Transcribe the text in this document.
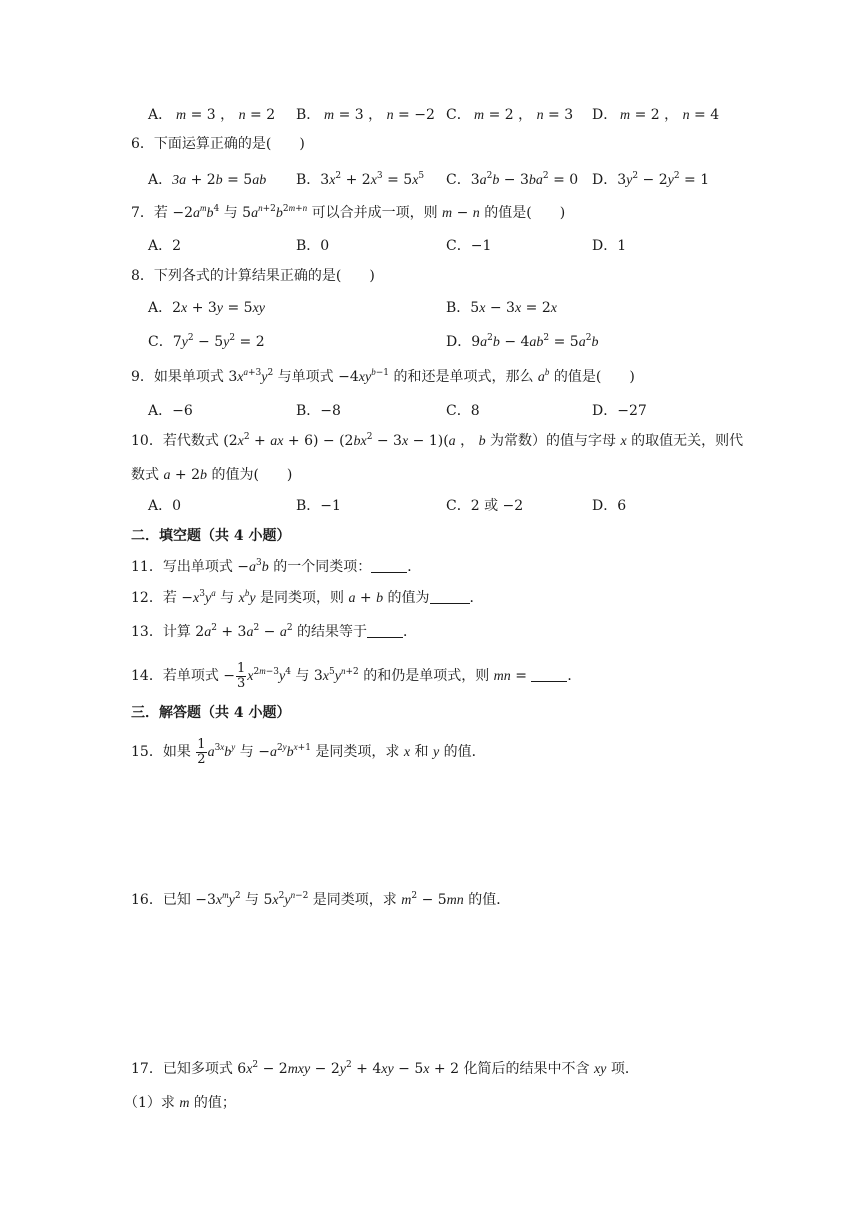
A． m = 3 ， n = 2 B． m = 3 ， n = −2 C． m = 2 ， n = 3 D． m = 2 ， n = 4
6．下面运算正确的是(　　)
A．3a + 2b = 5ab B．$3x^2 + 2x^3 = 5x^5$ C．$3a^2b - 3ba^2 = 0$ D．$3y^2 - 2y^2 = 1$
7．若 $-2a^mb^4$ 与 $5a^{n+2}b^{2m+n}$ 可以合并成一项，则 m − n 的值是(　　)
A．2	B．0	C．−1	D．1
8．下列各式的计算结果正确的是(　　)
A．2x + 3y = 5xy	B．5x − 3x = 2x
C．$7y^2 - 5y^2 = 2$	D．$9a^2b - 4ab^2 = 5a^2b$
9．如果单项式 $3x^{a+3}y^2$ 与单项式 $-4xy^{b-1}$ 的和还是单项式，那么 $a^b$ 的值是(　　)
A．−6	B．−8	C．8	D．−27
10．若代数式 ($2x^2$ + ax + $6) - (2bx^2 - 3x - 1)(a$ ， b 为常数）的值与字母 x 的取值无关，则代
数式 a + 2b 的值为(　　)
A．0	B．−1	C．2 或 −2	D．6
二．填空题（共 4 小题）
11．写出单项式 $-a^3b$ 的一个同类项：	．
12．若 $-x^3y^a$ 与 $x^by$ 是同类项，则 a + b 的值为	．
13．计算 $2a^2 + 3a^2 - a^2$ 的结果等于	．
14．若单项式 − $\frac{1}{3} x^{2m-3}y^4$ 与 $3x^5y^{n+2}$ 的和仍是单项式，则 mn =	．
三．解答题（共 4 小题）
15．如果 $\frac{1}{2} a^{3x}b^y$ 与 $-a^{2y}b^{x+1}$ 是同类项，求 x 和 y 的值．
16．已知 $-3x^my^2$ 与 $5x^2y^{n-2}$ 是同类项，求 $m^2 - 5mn$ 的值．
17．已知多项式 $6x^2 - 2mxy - 2y^2 + 4xy - 5x + 2$ 化简后的结果中不含 xy 项．
（1）求 m 的值；
